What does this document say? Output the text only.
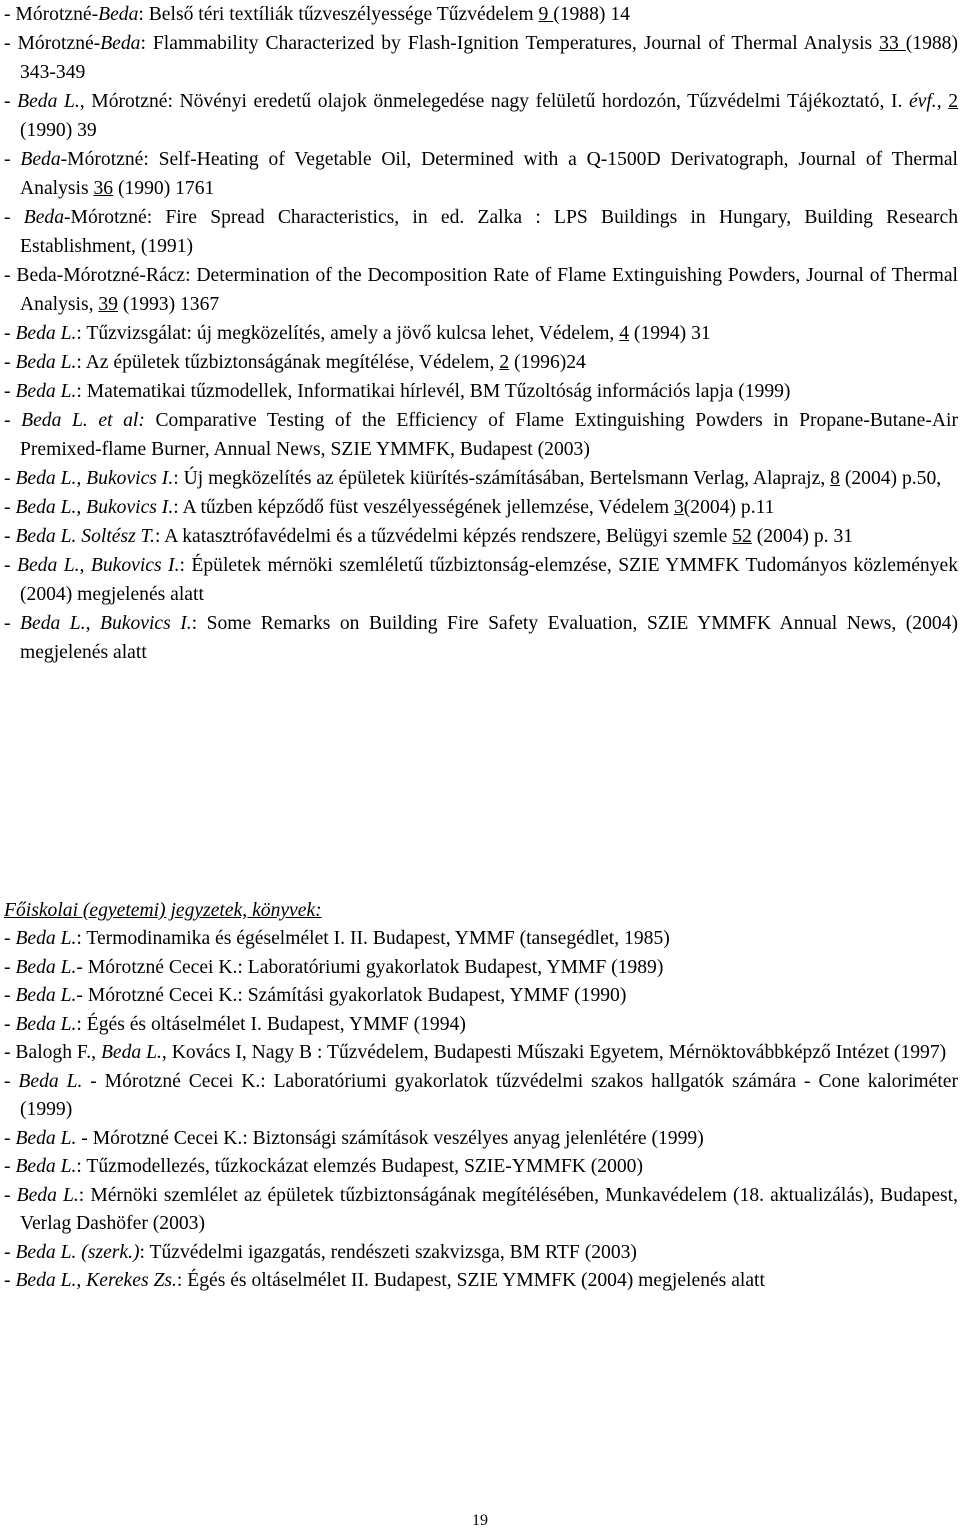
- Mórotzné-Beda: Belső téri textíliák tűzveszélyessége Tűzvédelem 9 (1988) 14

- Mórotzné-Beda: Flammability Characterized by Flash-Ignition Temperatures, Journal of Thermal Analysis 33 (1988) 343-349

- Beda L., Mórotzné: Növényi eredetű olajok önmelegedése nagy felületű hordozón, Tűzvédelmi Tájékoztató, I. évf., 2 (1990) 39

- Beda-Mórotzné: Self-Heating of Vegetable Oil, Determined with a Q-1500D Derivatograph, Journal of Thermal Analysis 36 (1990) 1761

- Beda-Mórotzné: Fire Spread Characteristics, in ed. Zalka : LPS Buildings in Hungary, Building Research Establishment, (1991)

- Beda-Mórotzné-Rácz: Determination of the Decomposition Rate of Flame Extinguishing Powders, Journal of Thermal Analysis, 39 (1993) 1367

- Beda L.: Tűzvizsgálat: új megközelítés, amely a jövő kulcsa lehet, Védelem, 4 (1994) 31

- Beda L.: Az épületek tűzbiztonságának megítélése, Védelem, 2 (1996)24

- Beda L.: Matematikai tűzmodellek, Informatikai hírlevél, BM Tűzoltóság információs lapja (1999)

- Beda L. et al: Comparative Testing of the Efficiency of Flame Extinguishing Powders in Propane-Butane-Air Premixed-flame Burner, Annual News, SZIE YMMFK, Budapest (2003)

- Beda L., Bukovics I.: Új megközelítés az épületek kiürítés-számításában, Bertelsmann Verlag, Alaprajz, 8 (2004) p.50,

- Beda L., Bukovics I.: A tűzben képződő füst veszélyességének jellemzése, Védelem 3(2004) p.11

- Beda L. Soltész T.: A katasztrófavédelmi és a tűzvédelmi képzés rendszere, Belügyi szemle 52 (2004) p. 31

- Beda L., Bukovics I.: Épületek mérnöki szemléletű tűzbiztonság-elemzése, SZIE YMMFK Tudományos közlemények (2004) megjelenés alatt

- Beda L., Bukovics I.: Some Remarks on Building Fire Safety Evaluation, SZIE YMMFK Annual News, (2004) megjelenés alatt

Főiskolai (egyetemi) jegyzetek, könyvek:

- Beda L.: Termodinamika és égéselmélet I. II. Budapest, YMMF (tansegédlet, 1985)

- Beda L.- Mórotzné Cecei K.: Laboratóriumi gyakorlatok Budapest, YMMF (1989)

- Beda L.- Mórotzné Cecei K.: Számítási gyakorlatok Budapest, YMMF (1990)

- Beda L.: Égés és oltáselmélet I. Budapest, YMMF (1994)

- Balogh F., Beda L., Kovács I, Nagy B : Tűzvédelem, Budapesti Műszaki Egyetem, Mérnöktovábbképző Intézet (1997)

- Beda L. - Mórotzné Cecei K.: Laboratóriumi gyakorlatok tűzvédelmi szakos hallgatók számára - Cone kaloriméter (1999)

- Beda L. - Mórotzné Cecei K.: Biztonsági számítások veszélyes anyag jelenlétére (1999)

- Beda L.: Tűzmodellezés, tűzkockázat elemzés Budapest, SZIE-YMMFK (2000)

- Beda L.: Mérnöki szemlélet az épületek tűzbiztonságának megítélésében, Munkavédelem (18. aktualizálás), Budapest, Verlag Dashöfer (2003)

- Beda L. (szerk.): Tűzvédelmi igazgatás, rendészeti szakvizsga, BM RTF (2003)

- Beda L., Kerekes Zs.: Égés és oltáselmélet II. Budapest, SZIE YMMFK (2004) megjelenés alatt

19
